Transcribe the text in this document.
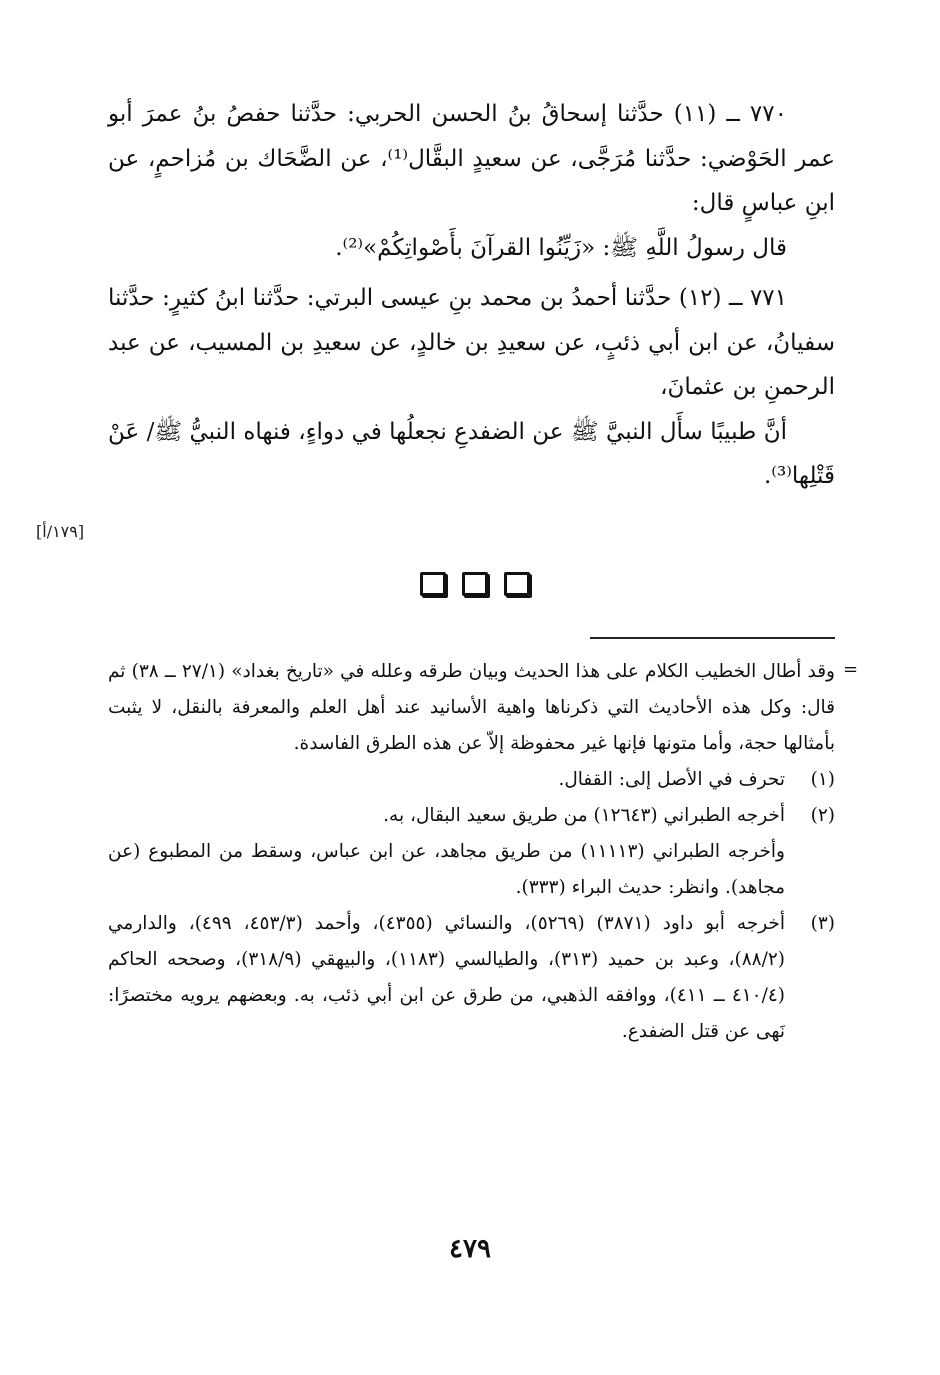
٧٧٠ ــ (١١) حدَّثنا إسحاقُ بنُ الحسن الحربي: حدَّثنا حفصُ بنُ عمرَ أبو عمر الحَوْضي: حدَّثنا مُرَجَّى، عن سعيدٍ البقَّال⁽¹⁾، عن الضَّحَاك بن مُزاحمٍ، عن ابنِ عباسٍ قال:

قال رسولُ اللَّهِ ﷺ: «زَيِّنُوا القرآنَ بأَصْواتِكُمْ»⁽²⁾.

٧٧١ ــ (١٢) حدَّثنا أحمدُ بن محمد بنِ عيسى البرتي: حدَّثنا ابنُ كثيرٍ: حدَّثنا سفيانُ، عن ابن أبي ذئبٍ، عن سعيدِ بن خالدٍ، عن سعيدِ بن المسيب، عن عبد الرحمنِ بن عثمانَ،

أنَّ طبيبًا سأَل النبيَّ ﷺ عن الضفدعِ نجعلُها في دواءٍ، فنهاه النبيُّ ﷺ/ عَنْ قَتْلِها⁽³⁾.

[١٧٩/أ]
=

وقد أطال الخطيب الكلام على هذا الحديث وبيان طرقه وعلله في «تاريخ بغداد» (٢٧/١ ــ ٣٨) ثم قال: وكل هذه الأحاديث التي ذكرناها واهية الأسانيد عند أهل العلم والمعرفة بالنقل، لا يثبت بأمثالها حجة، وأما متونها فإنها غير محفوظة إلاّ عن هذه الطرق الفاسدة.

(١)
تحرف في الأصل إلى: القفال.

(٢)
أخرجه الطبراني (١٢٦٤٣) من طريق سعيد البقال، به.

وأخرجه الطبراني (١١١١٣) من طريق مجاهد، عن ابن عباس، وسقط من المطبوع (عن مجاهد). وانظر: حديث البراء (٣٣٣).

(٣)
أخرجه أبو داود (٣٨٧١) (٥٢٦٩)، والنسائي (٤٣٥٥)، وأحمد (٤٥٣/٣، ٤٩٩)، والدارمي (٨٨/٢)، وعبد بن حميد (٣١٣)، والطيالسي (١١٨٣)، والبيهقي (٣١٨/٩)، وصححه الحاكم (٤١٠/٤ ــ ٤١١)، ووافقه الذهبي، من طرق عن ابن أبي ذئب، به. وبعضهم يرويه مختصرًا: نَهى عن قتل الضفدع.

٤٧٩
